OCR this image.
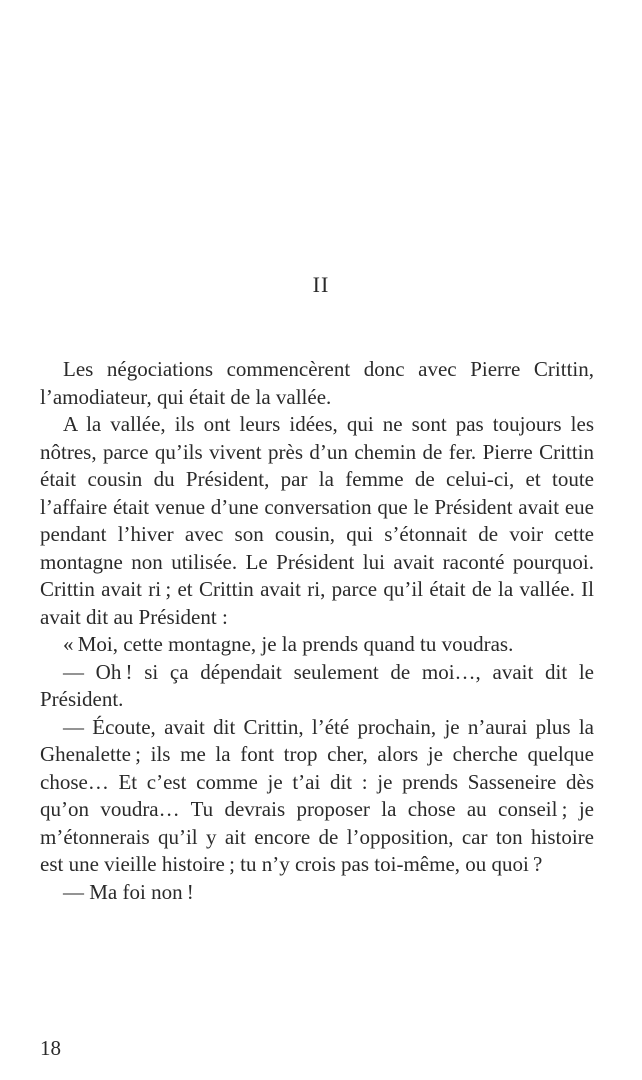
II

Les négociations commencèrent donc avec Pierre Crittin, l’amodiateur, qui était de la vallée.

A la vallée, ils ont leurs idées, qui ne sont pas toujours les nôtres, parce qu’ils vivent près d’un chemin de fer. Pierre Crittin était cousin du Président, par la femme de celui-ci, et toute l’affaire était venue d’une conversation que le Président avait eue pendant l’hiver avec son cousin, qui s’étonnait de voir cette montagne non utilisée. Le Président lui avait raconté pourquoi. Crittin avait ri ; et Crittin avait ri, parce qu’il était de la vallée. Il avait dit au Président :

« Moi, cette montagne, je la prends quand tu voudras.

— Oh ! si ça dépendait seulement de moi…, avait dit le Président.

— Écoute, avait dit Crittin, l’été prochain, je n’aurai plus la Ghenalette ; ils me la font trop cher, alors je cherche quelque chose… Et c’est comme je t’ai dit : je prends Sasseneire dès qu’on voudra… Tu devrais proposer la chose au conseil ; je m’étonnerais qu’il y ait encore de l’opposition, car ton histoire est une vieille histoire ; tu n’y crois pas toi-même, ou quoi ?

— Ma foi non !

18
